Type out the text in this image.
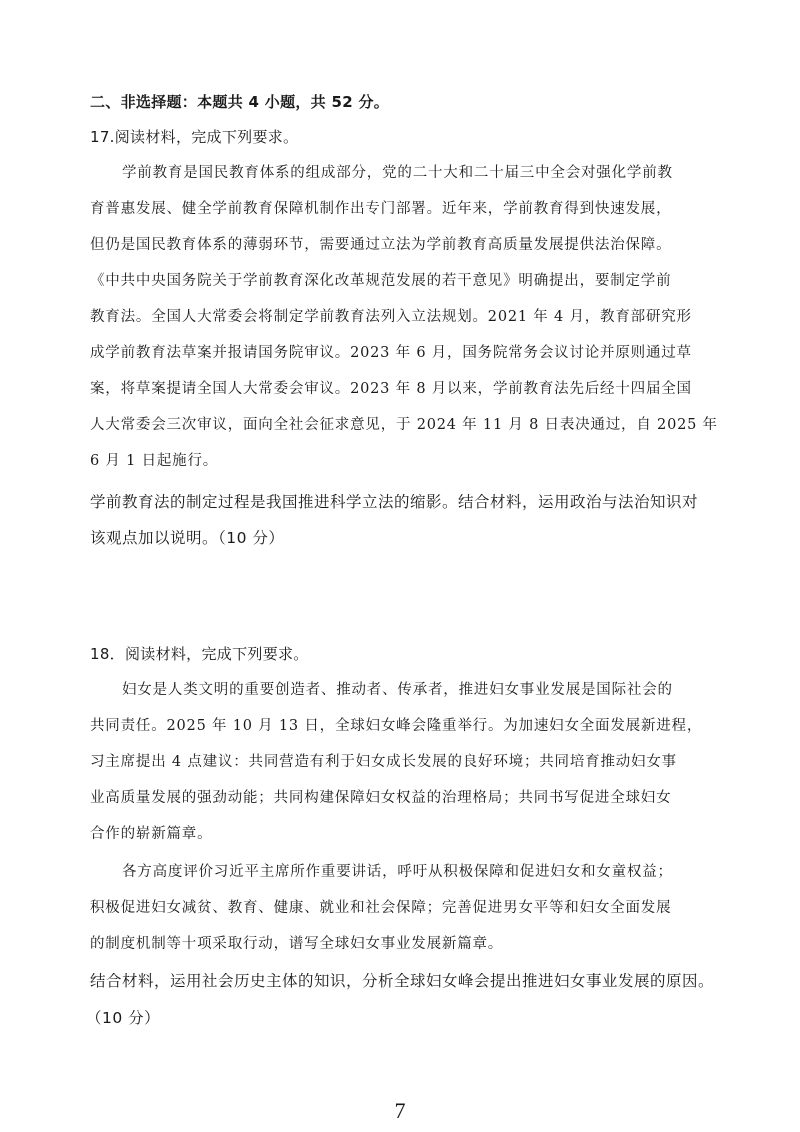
二、非选择题：本题共 4 小题，共 52 分。
17.阅读材料，完成下列要求。
学前教育是国民教育体系的组成部分，党的二十大和二十届三中全会对强化学前教
育普惠发展、健全学前教育保障机制作出专门部署。近年来，学前教育得到快速发展，
但仍是国民教育体系的薄弱环节，需要通过立法为学前教育高质量发展提供法治保障。
《中共中央国务院关于学前教育深化改革规范发展的若干意见》明确提出，要制定学前
教育法。全国人大常委会将制定学前教育法列入立法规划。2021 年 4 月，教育部研究形
成学前教育法草案并报请国务院审议。2023 年 6 月，国务院常务会议讨论并原则通过草
案，将草案提请全国人大常委会审议。2023 年 8 月以来，学前教育法先后经十四届全国
人大常委会三次审议，面向全社会征求意见，于 2024 年 11 月 8 日表决通过，自 2025 年
6 月 1 日起施行。
学前教育法的制定过程是我国推进科学立法的缩影。结合材料，运用政治与法治知识对
该观点加以说明。（10 分）
18．阅读材料，完成下列要求。
妇女是人类文明的重要创造者、推动者、传承者，推进妇女事业发展是国际社会的
共同责任。2025 年 10 月 13 日，全球妇女峰会隆重举行。为加速妇女全面发展新进程，
习主席提出 4 点建议：共同营造有利于妇女成长发展的良好环境；共同培育推动妇女事
业高质量发展的强劲动能；共同构建保障妇女权益的治理格局；共同书写促进全球妇女
合作的崭新篇章。
各方高度评价习近平主席所作重要讲话，呼吁从积极保障和促进妇女和女童权益；
积极促进妇女减贫、教育、健康、就业和社会保障；完善促进男女平等和妇女全面发展
的制度机制等十项采取行动，谱写全球妇女事业发展新篇章。
结合材料，运用社会历史主体的知识，分析全球妇女峰会提出推进妇女事业发展的原因。
（10 分）
7
